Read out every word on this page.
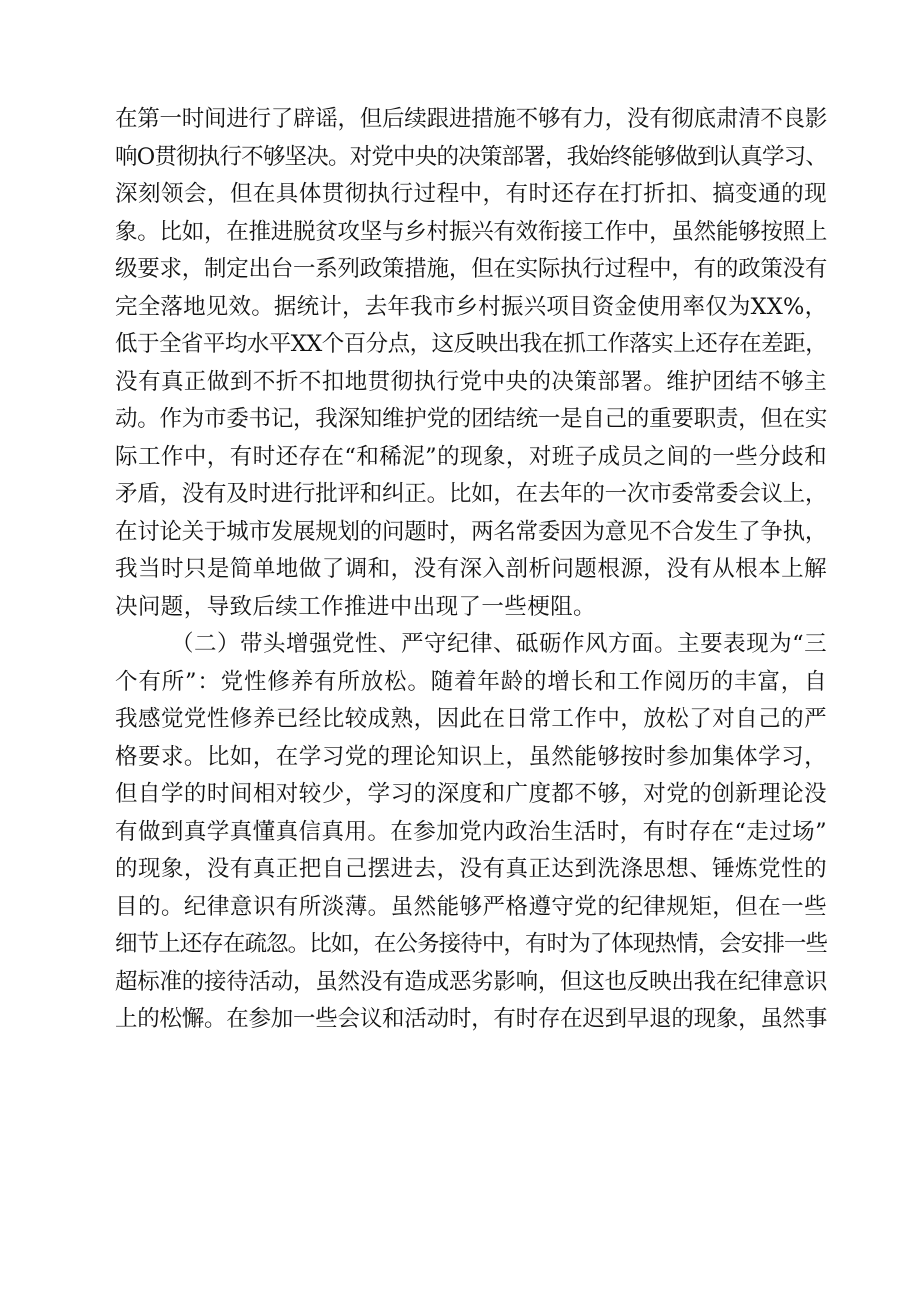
在第一时间进行了辟谣，但后续跟进措施不够有力，没有彻底肃清不良影
响O贯彻执行不够坚决。对党中央的决策部署，我始终能够做到认真学习、
深刻领会，但在具体贯彻执行过程中，有时还存在打折扣、搞变通的现
象。比如，在推进脱贫攻坚与乡村振兴有效衔接工作中，虽然能够按照上
级要求，制定出台一系列政策措施，但在实际执行过程中，有的政策没有
完全落地见效。据统计，去年我市乡村振兴项目资金使用率仅为XX%，
低于全省平均水平XX个百分点，这反映出我在抓工作落实上还存在差距，
没有真正做到不折不扣地贯彻执行党中央的决策部署。维护团结不够主
动。作为市委书记，我深知维护党的团结统一是自己的重要职责，但在实
际工作中，有时还存在“和稀泥”的现象，对班子成员之间的一些分歧和
矛盾，没有及时进行批评和纠正。比如，在去年的一次市委常委会议上，
在讨论关于城市发展规划的问题时，两名常委因为意见不合发生了争执，
我当时只是简单地做了调和，没有深入剖析问题根源，没有从根本上解
决问题，导致后续工作推进中出现了一些梗阻。
（二）带头增强党性、严守纪律、砥砺作风方面。主要表现为“三
个有所”：党性修养有所放松。随着年龄的增长和工作阅历的丰富，自
我感觉党性修养已经比较成熟，因此在日常工作中，放松了对自己的严
格要求。比如，在学习党的理论知识上，虽然能够按时参加集体学习，
但自学的时间相对较少，学习的深度和广度都不够，对党的创新理论没
有做到真学真懂真信真用。在参加党内政治生活时，有时存在“走过场”
的现象，没有真正把自己摆进去，没有真正达到洗涤思想、锤炼党性的
目的。纪律意识有所淡薄。虽然能够严格遵守党的纪律规矩，但在一些
细节上还存在疏忽。比如，在公务接待中，有时为了体现热情，会安排一些
超标准的接待活动，虽然没有造成恶劣影响，但这也反映出我在纪律意识
上的松懈。在参加一些会议和活动时，有时存在迟到早退的现象，虽然事
